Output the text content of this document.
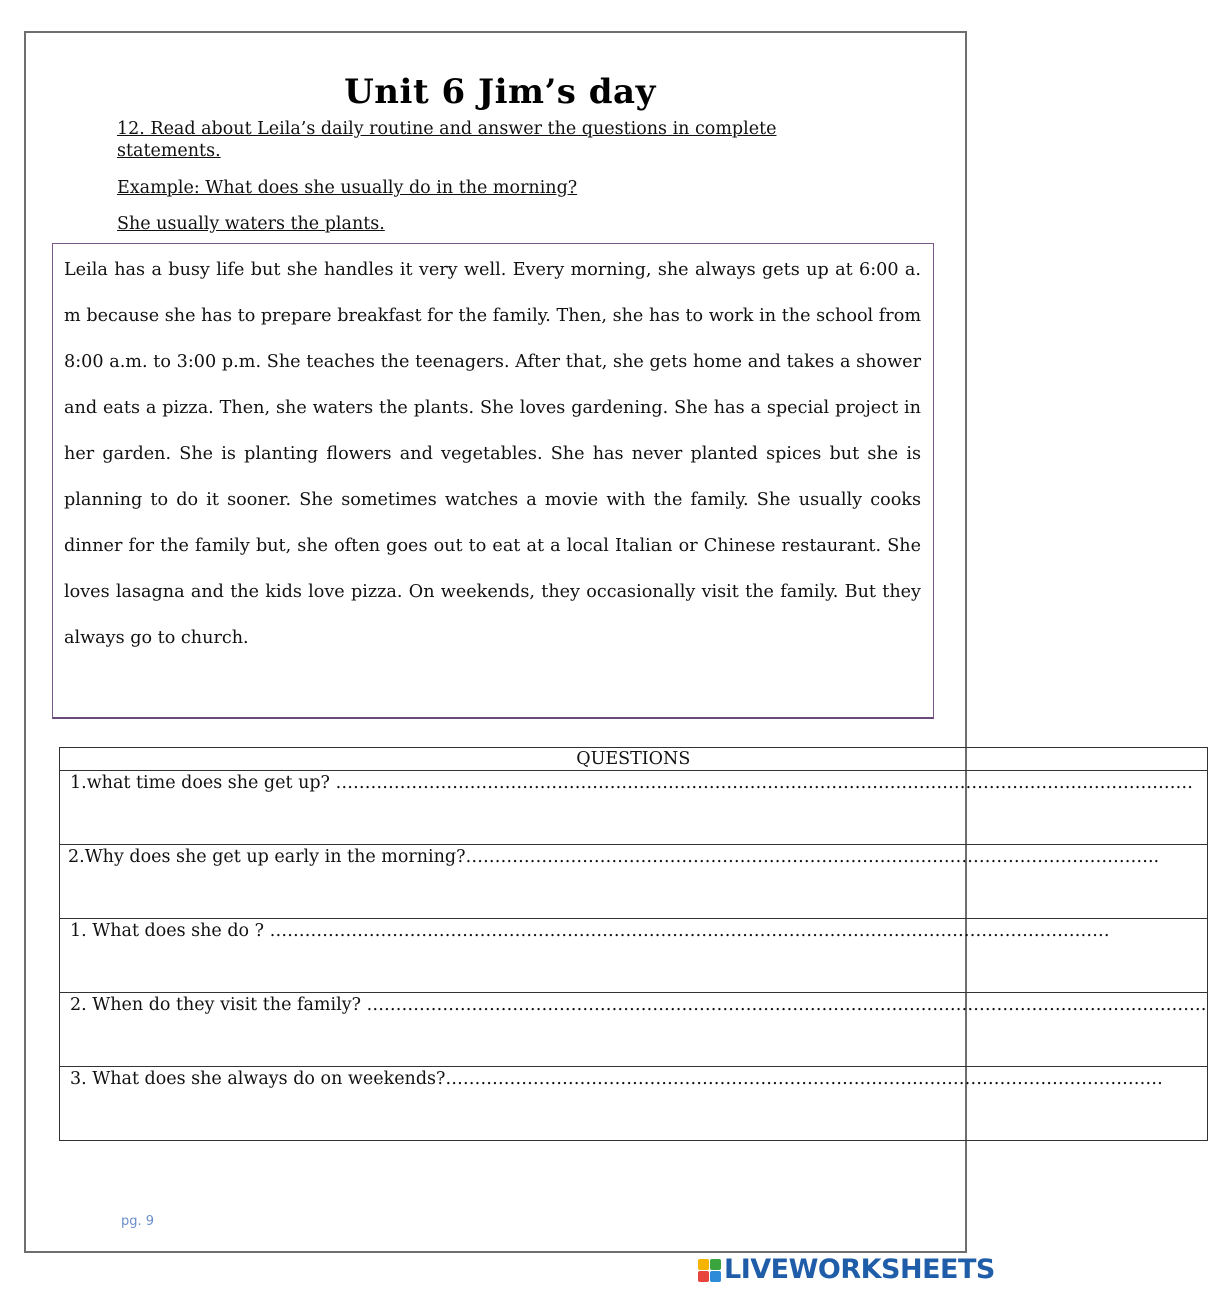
Unit 6 Jim’s day
12. Read about Leila’s daily routine and answer the questions in complete statements.
Example: What does she usually do in the morning?
She usually waters the plants.

Leila has a busy life but she handles it very well. Every morning, she always gets up at 6:00 a. m because she has to prepare breakfast for the family. Then, she has to work in the school from 8:00 a.m. to 3:00 p.m. She teaches the teenagers. After that, she gets home and takes a shower and eats a pizza. Then, she waters the plants. She loves gardening. She has a special project in her garden. She is planting flowers and vegetables. She has never planted spices but she is planning to do it sooner. She sometimes watches a movie with the family. She usually cooks dinner for the family but, she often goes out to eat at a local Italian or Chinese restaurant. She loves lasagna and the kids love pizza. On weekends, they occasionally visit the family. But they always go to church.

QUESTIONS

1.what time does she get up? …………………………………………………………………………………………………………………………………

2.Why does she get up early in the morning?………………………………………………………………………………………………………..

1. What does she do ? ………………………………………………………………………………………………………………………………

2. When do they visit the family? ………………………………………………………………………………………………………………………………

3. What does she always do on weekends?……………………………………………………………………………………………………………
pg. 9
LIVEWORKSHEETS
